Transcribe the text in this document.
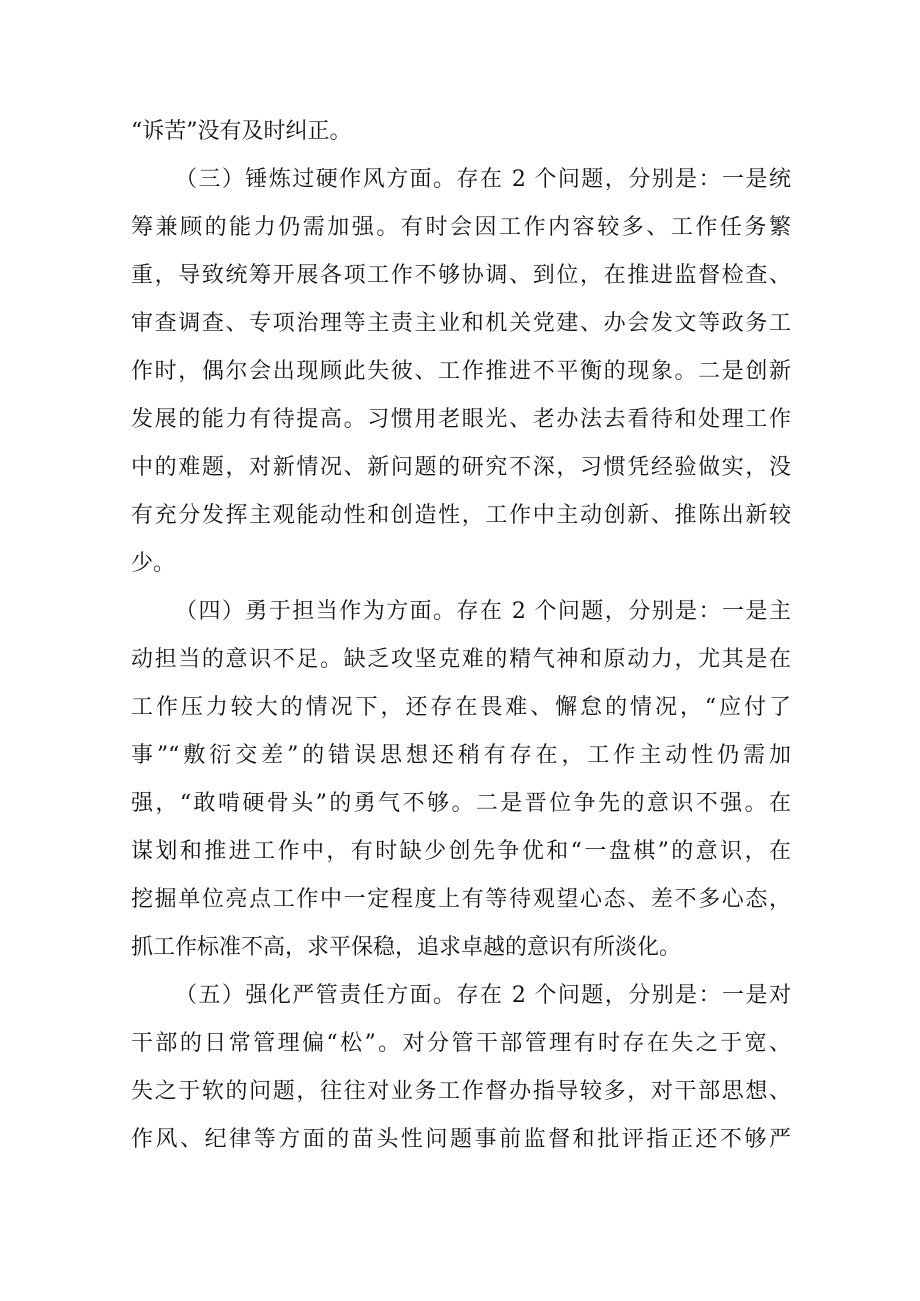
“诉苦”没有及时纠正。
（三）锤炼过硬作风方面。存在 2 个问题，分别是：一是统
筹兼顾的能力仍需加强。有时会因工作内容较多、工作任务繁
重，导致统筹开展各项工作不够协调、到位，在推进监督检查、
审查调查、专项治理等主责主业和机关党建、办会发文等政务工
作时，偶尔会出现顾此失彼、工作推进不平衡的现象。二是创新
发展的能力有待提高。习惯用老眼光、老办法去看待和处理工作
中的难题，对新情况、新问题的研究不深，习惯凭经验做实，没
有充分发挥主观能动性和创造性，工作中主动创新、推陈出新较
少。
（四）勇于担当作为方面。存在 2 个问题，分别是：一是主
动担当的意识不足。缺乏攻坚克难的精气神和原动力，尤其是在
工作压力较大的情况下，还存在畏难、懈怠的情况，“应付了
事”“敷衍交差”的错误思想还稍有存在，工作主动性仍需加
强，“敢啃硬骨头”的勇气不够。二是晋位争先的意识不强。在
谋划和推进工作中，有时缺少创先争优和“一盘棋”的意识，在
挖掘单位亮点工作中一定程度上有等待观望心态、差不多心态，
抓工作标准不高，求平保稳，追求卓越的意识有所淡化。
（五）强化严管责任方面。存在 2 个问题，分别是：一是对
干部的日常管理偏“松”。对分管干部管理有时存在失之于宽、
失之于软的问题，往往对业务工作督办指导较多，对干部思想、
作风、纪律等方面的苗头性问题事前监督和批评指正还不够严
